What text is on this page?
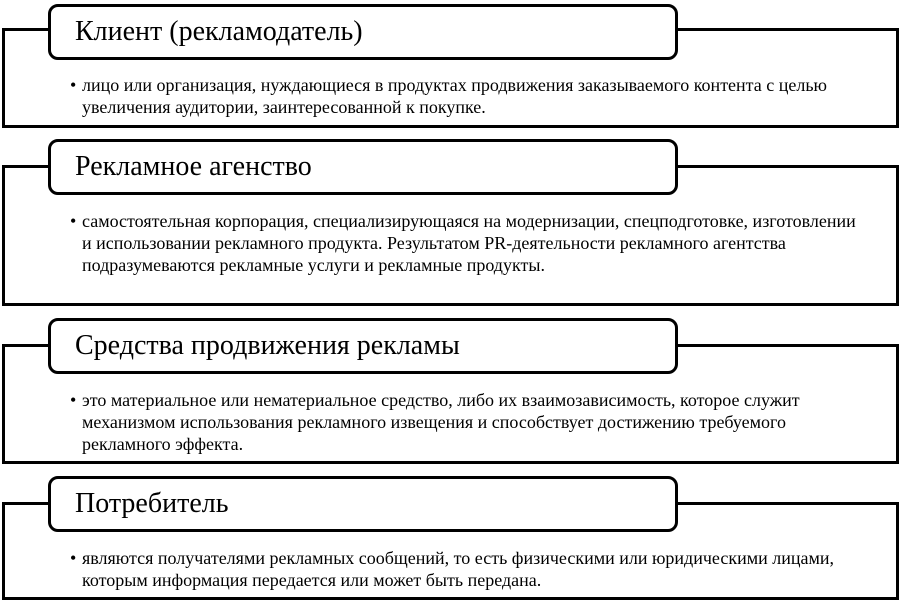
Клиент (рекламодатель)
• лицо или организация, нуждающиеся в продуктах продвижения заказываемого контента с целью увеличения аудитории, заинтересованной к покупке.
Рекламное агенство
• самостоятельная корпорация, специализирующаяся на модернизации, спецподготовке, изготовлении и использовании рекламного продукта. Результатом PR-деятельности рекламного агентства подразумеваются рекламные услуги и рекламные продукты.
Средства продвижения рекламы
• это материальное или нематериальное средство, либо их взаимозависимость, которое служит механизмом использования рекламного извещения и способствует достижению требуемого рекламного эффекта.
Потребитель
• являются получателями рекламных сообщений, то есть физическими или юридическими лицами, которым информация передается или может быть передана.
